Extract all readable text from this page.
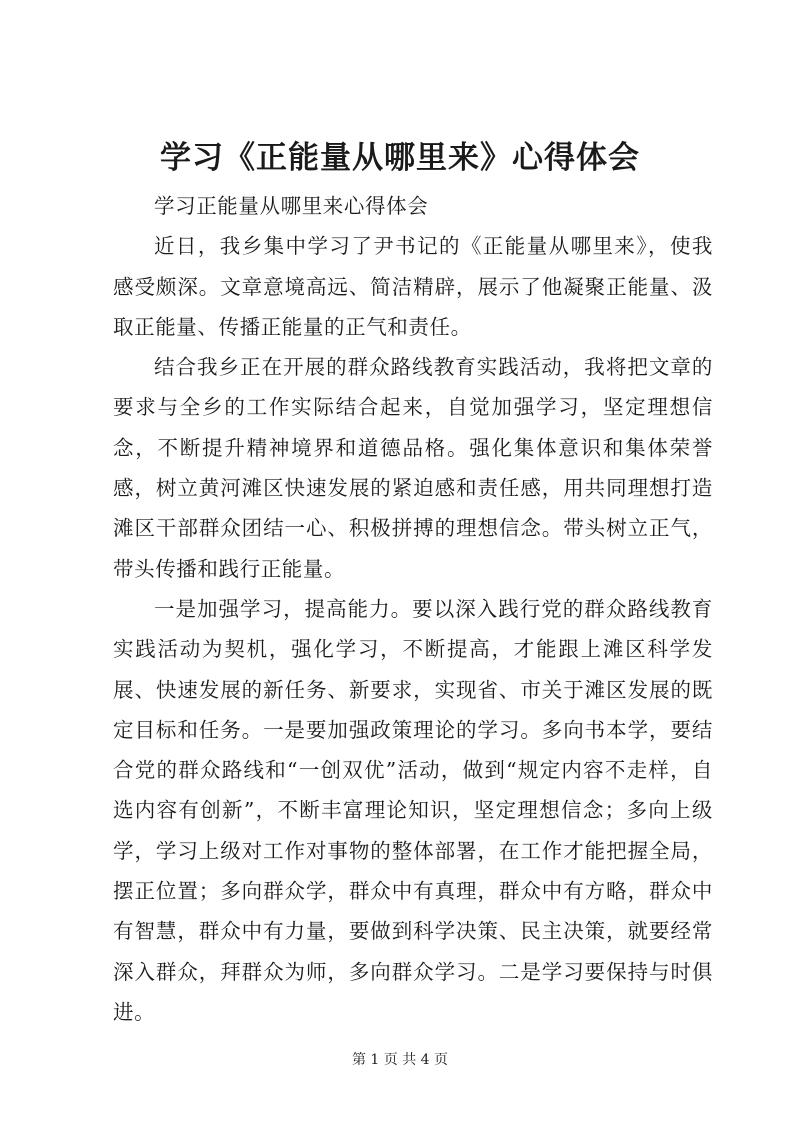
学习《正能量从哪里来》心得体会

学习正能量从哪里来心得体会

近日，我乡集中学习了尹书记的《正能量从哪里来》，使我感受颇深。文章意境高远、简洁精辟，展示了他凝聚正能量、汲取正能量、传播正能量的正气和责任。

结合我乡正在开展的群众路线教育实践活动，我将把文章的要求与全乡的工作实际结合起来，自觉加强学习，坚定理想信念，不断提升精神境界和道德品格。强化集体意识和集体荣誉感，树立黄河滩区快速发展的紧迫感和责任感，用共同理想打造滩区干部群众团结一心、积极拼搏的理想信念。带头树立正气，带头传播和践行正能量。

一是加强学习，提高能力。要以深入践行党的群众路线教育实践活动为契机，强化学习，不断提高，才能跟上滩区科学发展、快速发展的新任务、新要求，实现省、市关于滩区发展的既定目标和任务。一是要加强政策理论的学习。多向书本学，要结合党的群众路线和“一创双优”活动，做到“规定内容不走样，自选内容有创新”，不断丰富理论知识，坚定理想信念；多向上级学，学习上级对工作对事物的整体部署，在工作才能把握全局，摆正位置；多向群众学，群众中有真理，群众中有方略，群众中有智慧，群众中有力量，要做到科学决策、民主决策，就要经常深入群众，拜群众为师，多向群众学习。二是学习要保持与时俱进。

第 1 页 共 4 页
